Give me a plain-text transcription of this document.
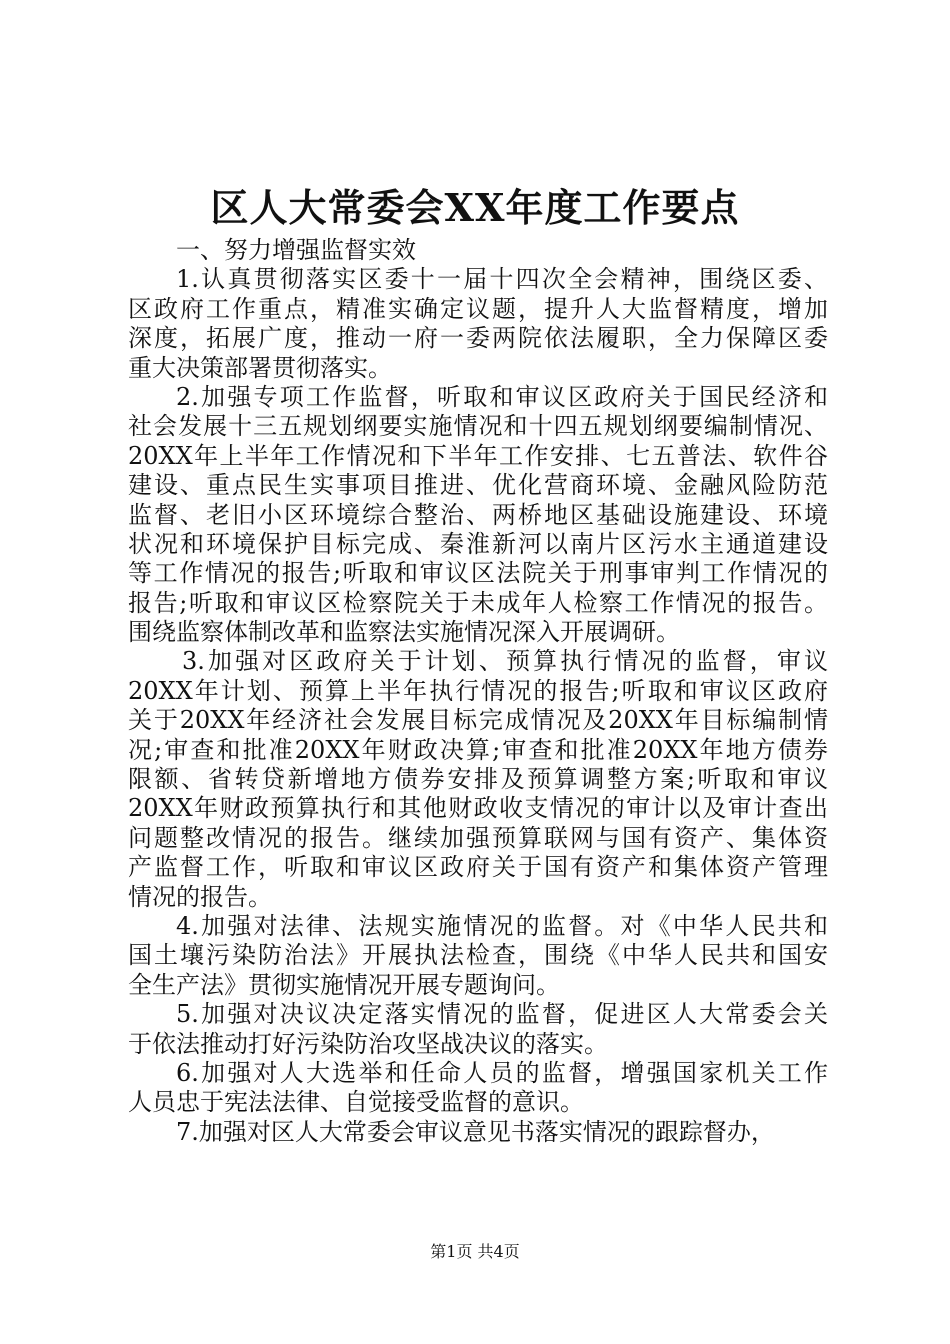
区人大常委会XX年度工作要点
一、努力增强监督实效
1.认真贯彻落实区委十一届十四次全会精神，围绕区委、
区政府工作重点，精准实确定议题，提升人大监督精度，增加
深度，拓展广度，推动一府一委两院依法履职，全力保障区委
重大决策部署贯彻落实。
2.加强专项工作监督，听取和审议区政府关于国民经济和
社会发展十三五规划纲要实施情况和十四五规划纲要编制情况、
20XX年上半年工作情况和下半年工作安排、七五普法、软件谷
建设、重点民生实事项目推进、优化营商环境、金融风险防范
监督、老旧小区环境综合整治、两桥地区基础设施建设、环境
状况和环境保护目标完成、秦淮新河以南片区污水主通道建设
等工作情况的报告;听取和审议区法院关于刑事审判工作情况的
报告;听取和审议区检察院关于未成年人检察工作情况的报告。
围绕监察体制改革和监察法实施情况深入开展调研。
3.加强对区政府关于计划、预算执行情况的监督，审议
20XX年计划、预算上半年执行情况的报告;听取和审议区政府
关于20XX年经济社会发展目标完成情况及20XX年目标编制情
况;审查和批准20XX年财政决算;审查和批准20XX年地方债券
限额、省转贷新增地方债券安排及预算调整方案;听取和审议
20XX年财政预算执行和其他财政收支情况的审计以及审计查出
问题整改情况的报告。继续加强预算联网与国有资产、集体资
产监督工作，听取和审议区政府关于国有资产和集体资产管理
情况的报告。
4.加强对法律、法规实施情况的监督。对《中华人民共和
国土壤污染防治法》开展执法检查，围绕《中华人民共和国安
全生产法》贯彻实施情况开展专题询问。
5.加强对决议决定落实情况的监督，促进区人大常委会关
于依法推动打好污染防治攻坚战决议的落实。
6.加强对人大选举和任命人员的监督，增强国家机关工作
人员忠于宪法法律、自觉接受监督的意识。
7.加强对区人大常委会审议意见书落实情况的跟踪督办，
第1页 共4页
